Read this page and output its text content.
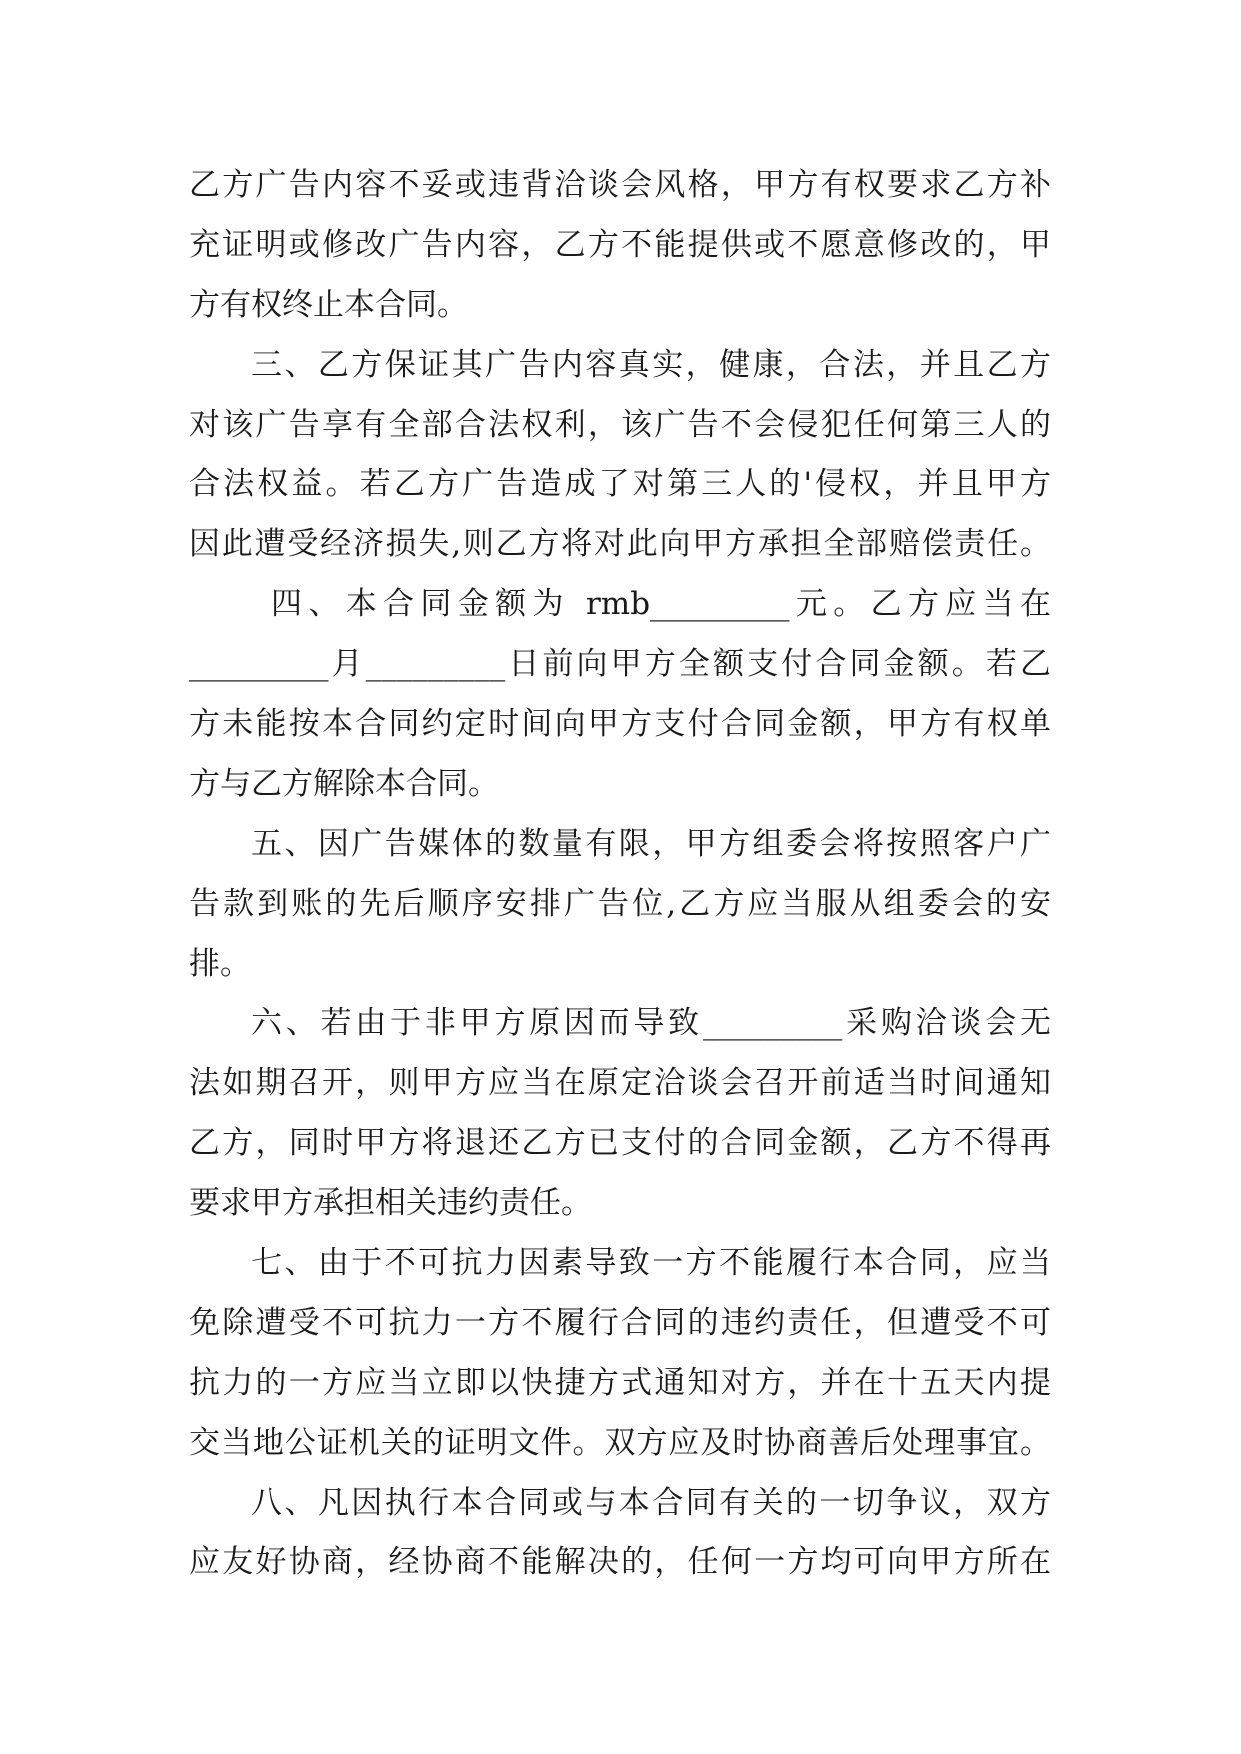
乙方广告内容不妥或违背洽谈会风格，甲方有权要求乙方补
充证明或修改广告内容，乙方不能提供或不愿意修改的，甲
方有权终止本合同。
三、乙方保证其广告内容真实，健康，合法，并且乙方
对该广告享有全部合法权利，该广告不会侵犯任何第三人的
合法权益。若乙方广告造成了对第三人的'侵权，并且甲方
因此遭受经济损失,则乙方将对此向甲方承担全部赔偿责任。
四、本合同金额为 rmb_________元。乙方应当在
_________月_________日前向甲方全额支付合同金额。若乙
方未能按本合同约定时间向甲方支付合同金额，甲方有权单
方与乙方解除本合同。
五、因广告媒体的数量有限，甲方组委会将按照客户广
告款到账的先后顺序安排广告位,乙方应当服从组委会的安
排。
六、若由于非甲方原因而导致_________采购洽谈会无
法如期召开，则甲方应当在原定洽谈会召开前适当时间通知
乙方，同时甲方将退还乙方已支付的合同金额，乙方不得再
要求甲方承担相关违约责任。
七、由于不可抗力因素导致一方不能履行本合同，应当
免除遭受不可抗力一方不履行合同的违约责任，但遭受不可
抗力的一方应当立即以快捷方式通知对方，并在十五天内提
交当地公证机关的证明文件。双方应及时协商善后处理事宜。
八、凡因执行本合同或与本合同有关的一切争议，双方
应友好协商，经协商不能解决的，任何一方均可向甲方所在
